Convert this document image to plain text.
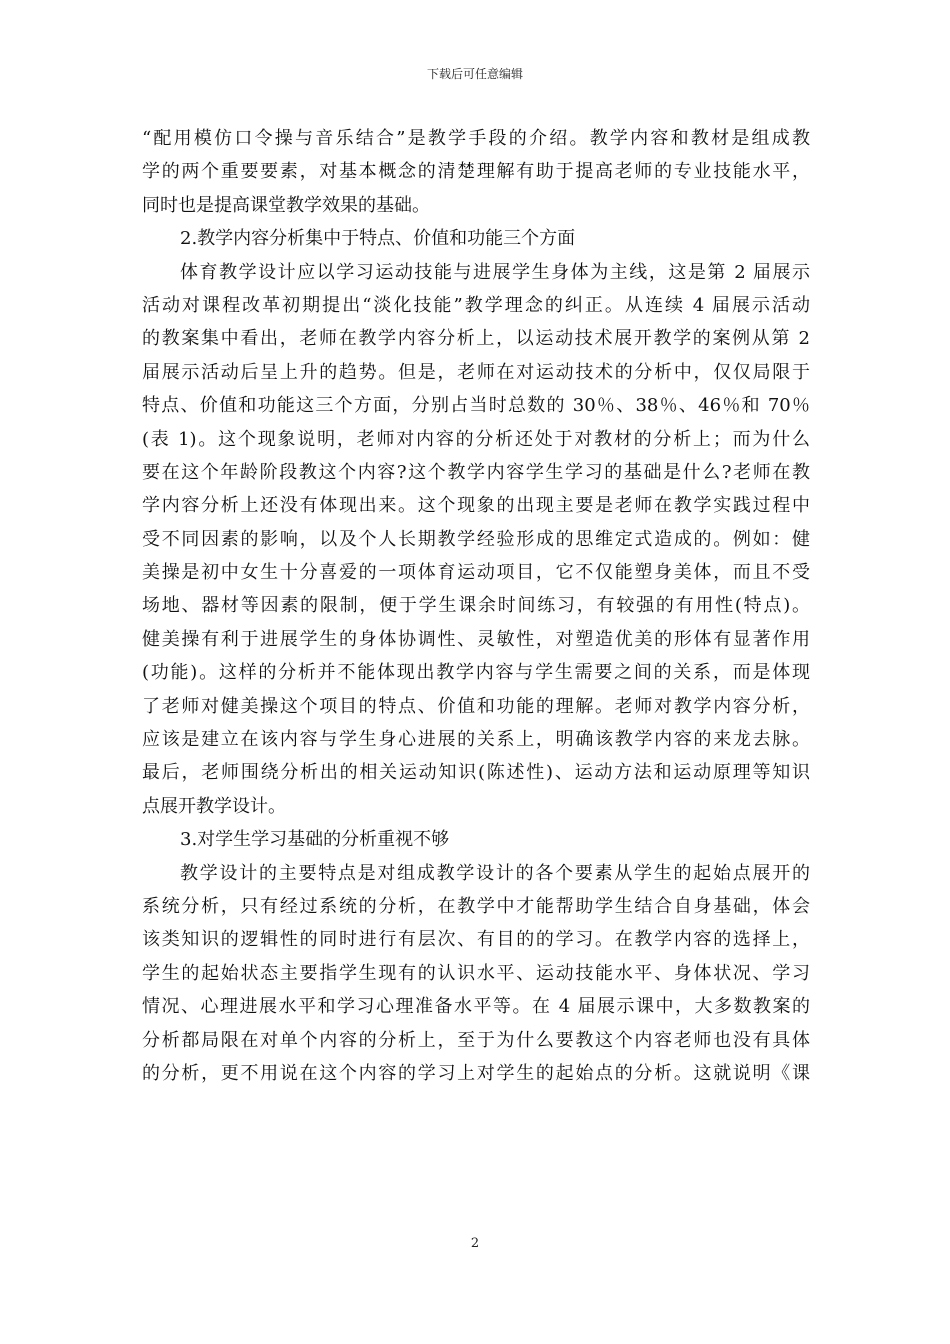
下载后可任意编辑
“配用模仿口令操与音乐结合”是教学手段的介绍。教学内容和教材是组成教
学的两个重要要素，对基本概念的清楚理解有助于提高老师的专业技能水平，
同时也是提高课堂教学效果的基础。
2.教学内容分析集中于特点、价值和功能三个方面
体育教学设计应以学习运动技能与进展学生身体为主线，这是第 2 届展示
活动对课程改革初期提出“淡化技能”教学理念的纠正。从连续 4 届展示活动
的教案集中看出，老师在教学内容分析上，以运动技术展开教学的案例从第 2
届展示活动后呈上升的趋势。但是，老师在对运动技术的分析中，仅仅局限于
特点、价值和功能这三个方面，分别占当时总数的 30％、38％、46％和 70％
(表 1)。这个现象说明，老师对内容的分析还处于对教材的分析上；而为什么
要在这个年龄阶段教这个内容?这个教学内容学生学习的基础是什么?老师在教
学内容分析上还没有体现出来。这个现象的出现主要是老师在教学实践过程中
受不同因素的影响，以及个人长期教学经验形成的思维定式造成的。例如：健
美操是初中女生十分喜爱的一项体育运动项目，它不仅能塑身美体，而且不受
场地、器材等因素的限制，便于学生课余时间练习，有较强的有用性(特点)。
健美操有利于进展学生的身体协调性、灵敏性，对塑造优美的形体有显著作用
(功能)。这样的分析并不能体现出教学内容与学生需要之间的关系，而是体现
了老师对健美操这个项目的特点、价值和功能的理解。老师对教学内容分析，
应该是建立在该内容与学生身心进展的关系上，明确该教学内容的来龙去脉。
最后，老师围绕分析出的相关运动知识(陈述性)、运动方法和运动原理等知识
点展开教学设计。
3.对学生学习基础的分析重视不够
教学设计的主要特点是对组成教学设计的各个要素从学生的起始点展开的
系统分析，只有经过系统的分析，在教学中才能帮助学生结合自身基础，体会
该类知识的逻辑性的同时进行有层次、有目的的学习。在教学内容的选择上，
学生的起始状态主要指学生现有的认识水平、运动技能水平、身体状况、学习
情况、心理进展水平和学习心理准备水平等。在 4 届展示课中，大多数教案的
分析都局限在对单个内容的分析上，至于为什么要教这个内容老师也没有具体
的分析，更不用说在这个内容的学习上对学生的起始点的分析。这就说明《课
2
